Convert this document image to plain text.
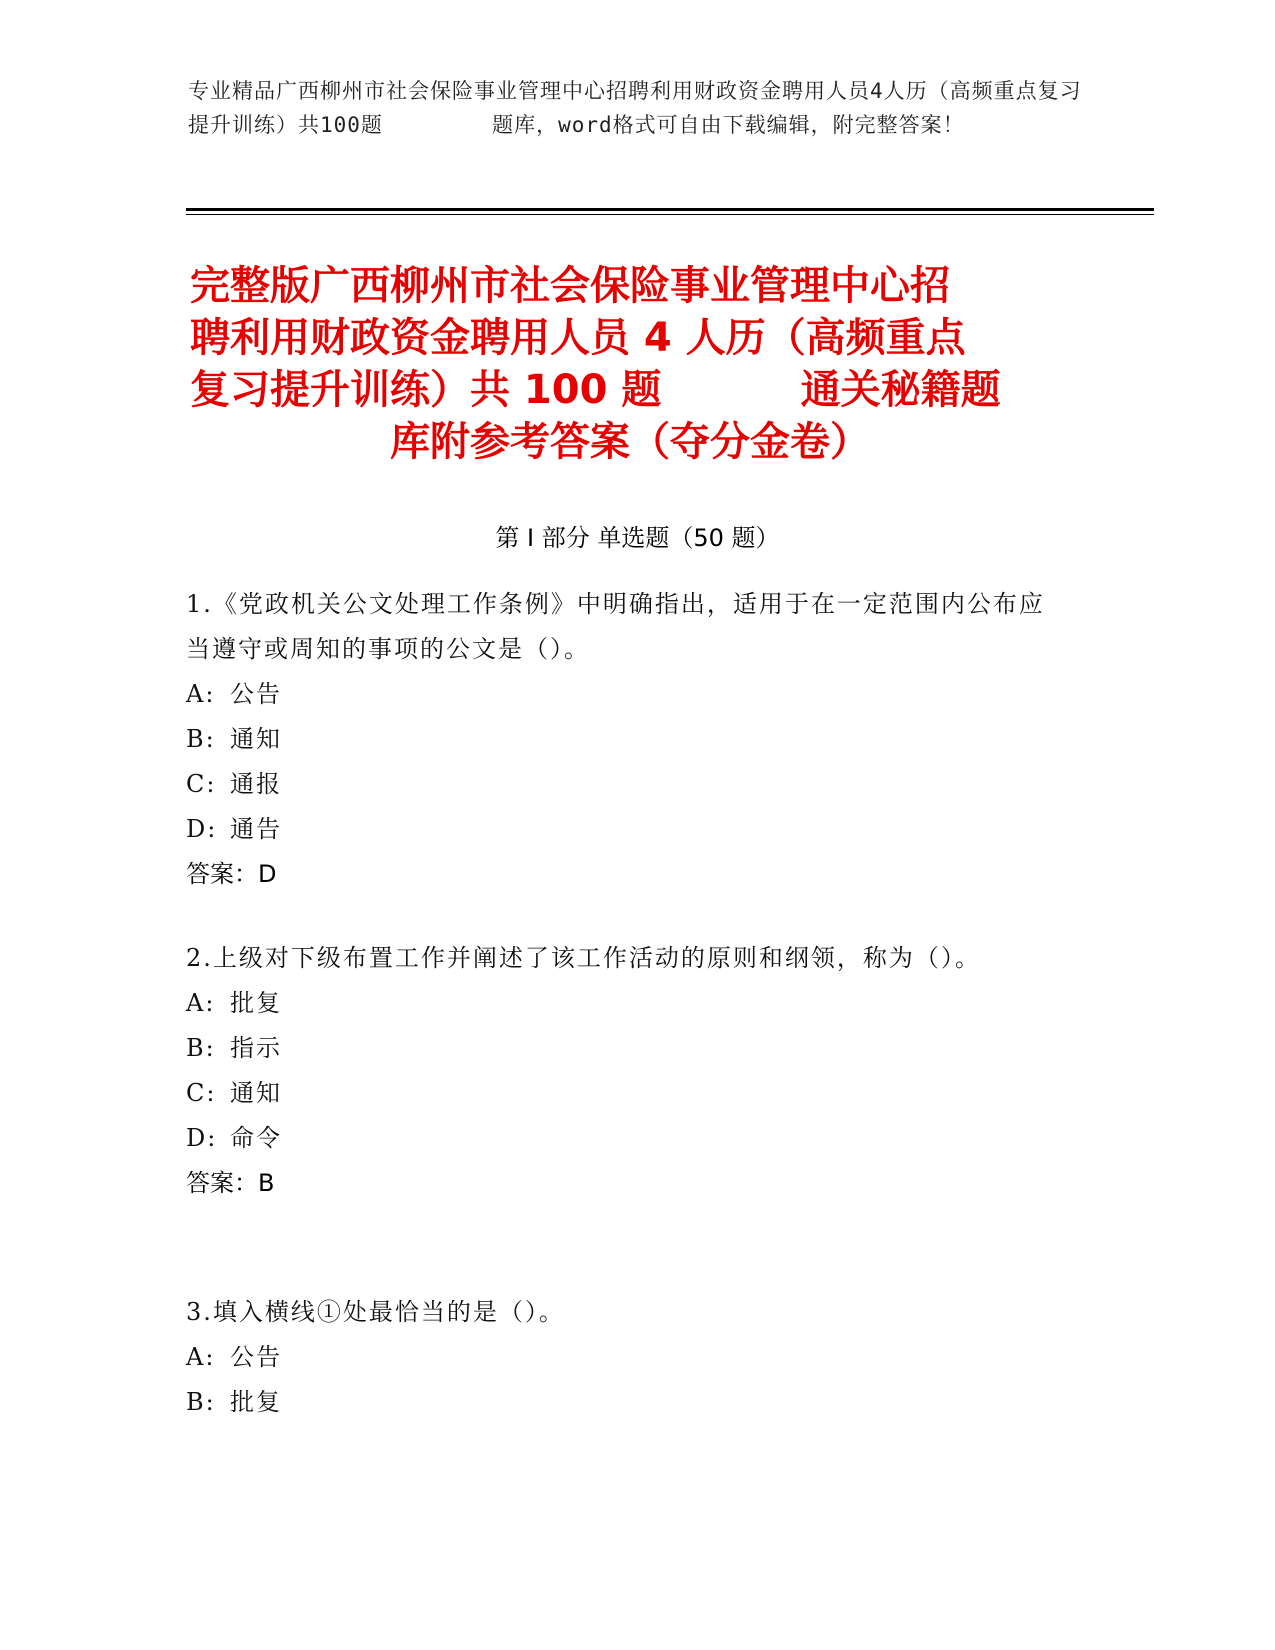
专业精品广西柳州市社会保险事业管理中心招聘利用财政资金聘用人员4人历（高频重点复习提升训练）共100题        题库，word格式可自由下载编辑，附完整答案！
完整版广西柳州市社会保险事业管理中心招
聘利用财政资金聘用人员 4 人历（高频重点
复习提升训练）共 100 题          通关秘籍题
库附参考答案（夺分金卷）
第 I 部分 单选题（50 题）
1.《党政机关公文处理工作条例》中明确指出，适用于在一定范围内公布应当遵守或周知的事项的公文是（）。
A: 公告
B: 通知
C: 通报
D: 通告
答案：D
2.上级对下级布置工作并阐述了该工作活动的原则和纲领，称为（）。
A: 批复
B: 指示
C: 通知
D: 命令
答案：B
3.填入横线①处最恰当的是（）。
A: 公告
B: 批复
